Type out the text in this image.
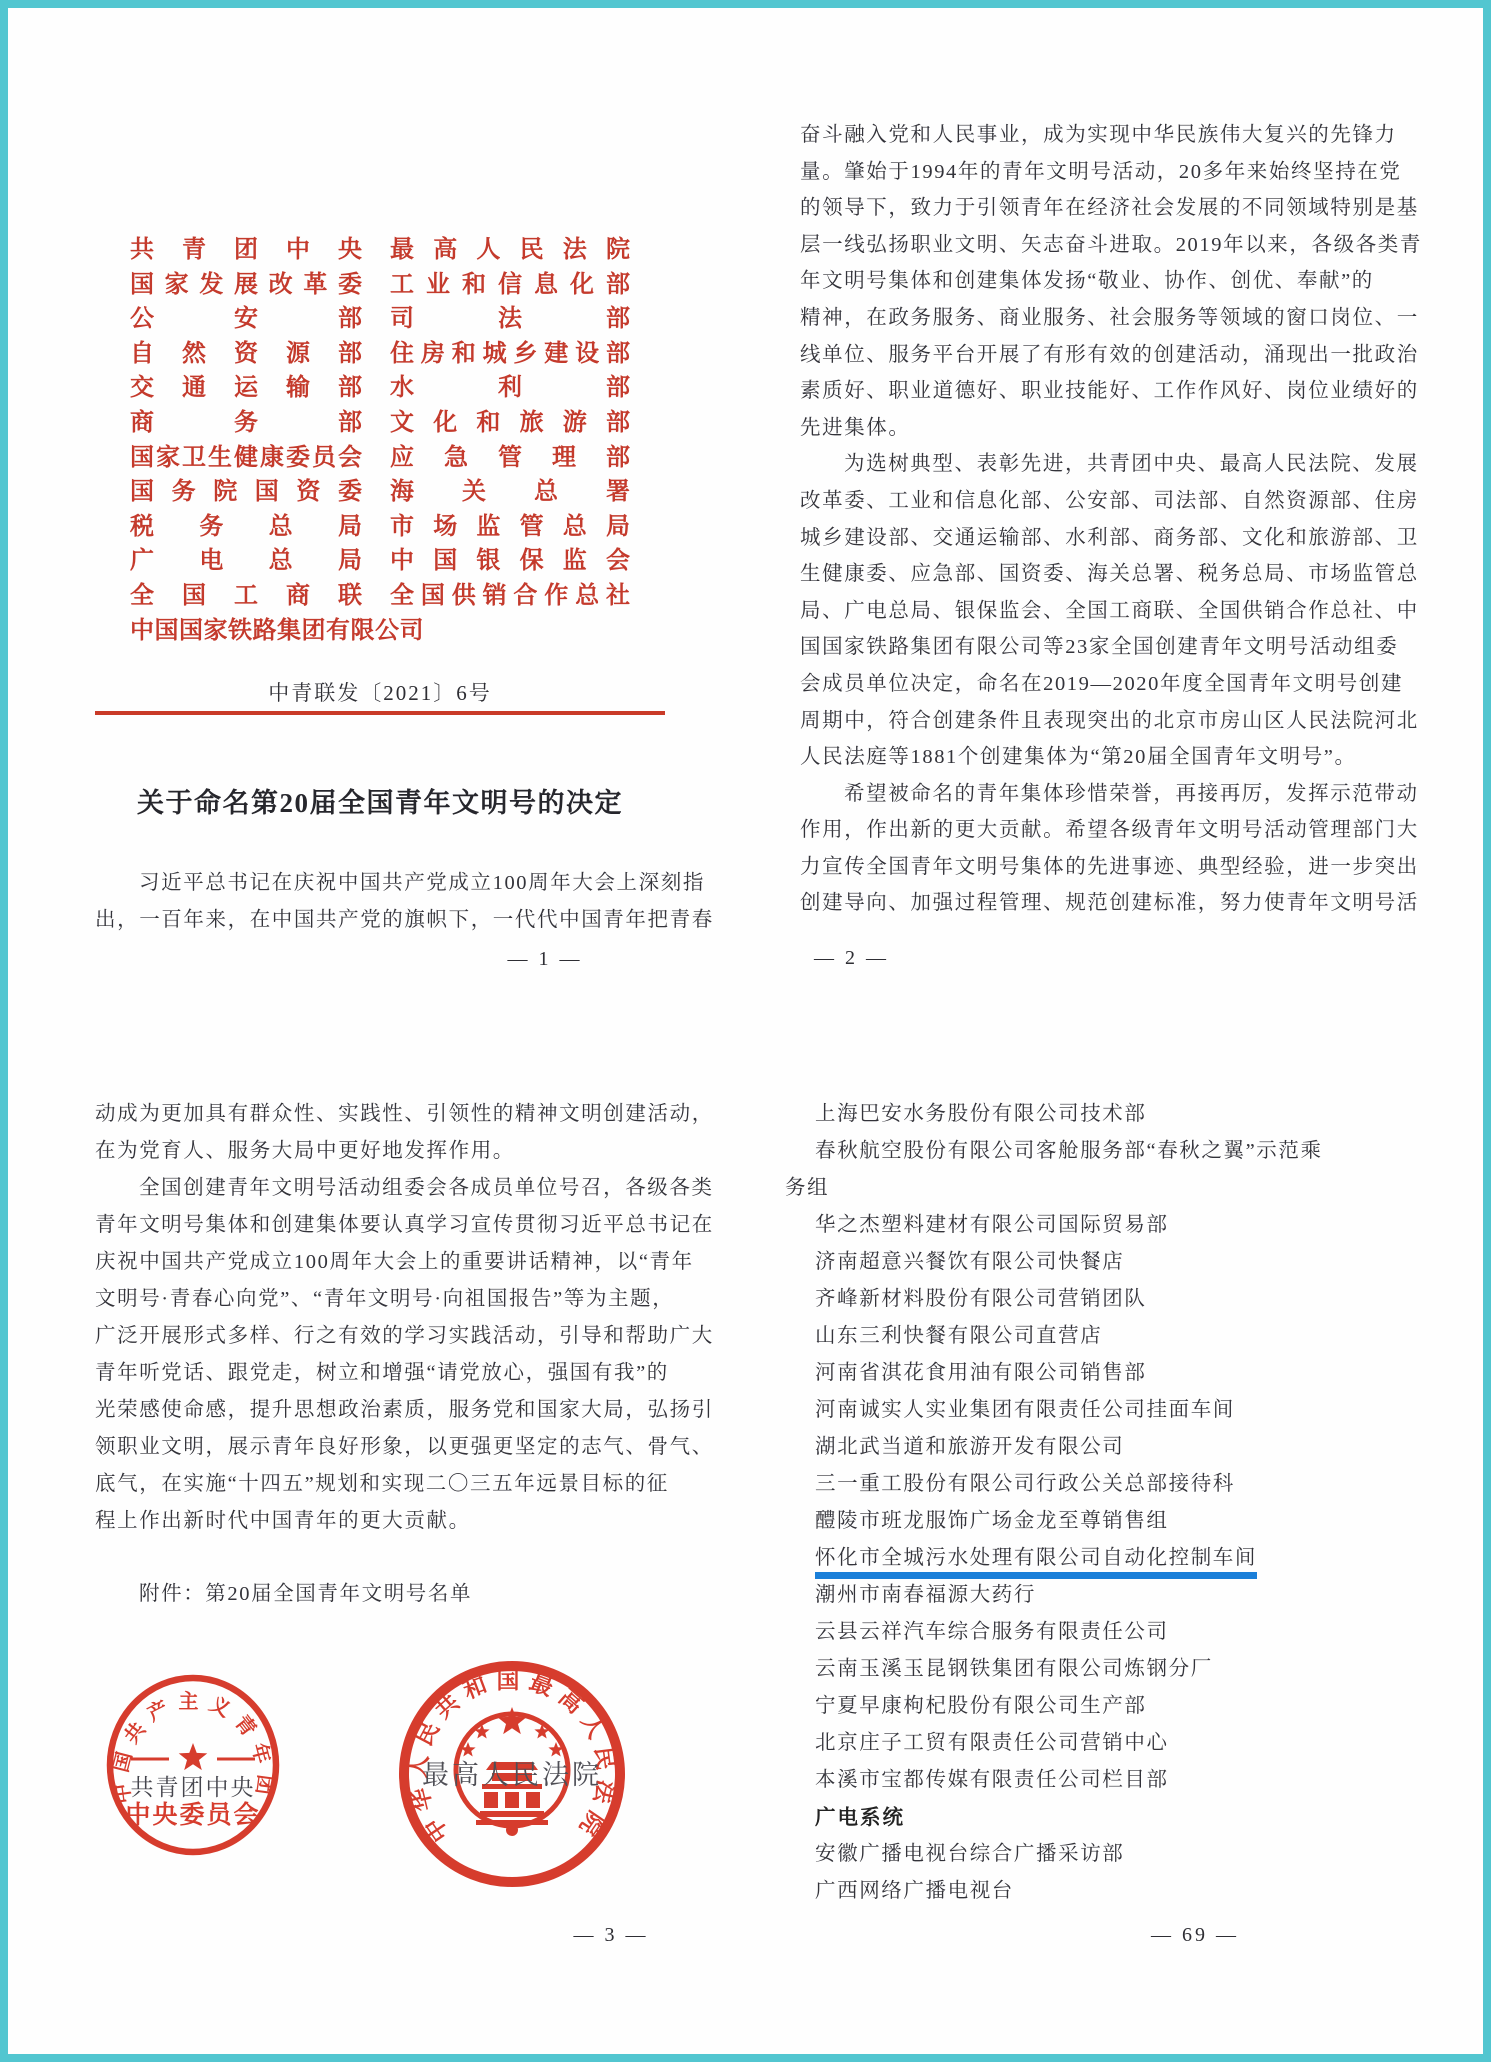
共青团中央 最高人民法院
国家发展改革委 工业和信息化部
公安部 司法部
自然资源部 住房和城乡建设部
交通运输部 水利部
商务部 文化和旅游部
国家卫生健康委员会 应急管理部
国务院国资委 海关总署
税务总局 市场监管总局
广电总局 中国银保监会
全国工商联 全国供销合作总社
中国国家铁路集团有限公司
中青联发〔2021〕6号
关于命名第20届全国青年文明号的决定
习近平总书记在庆祝中国共产党成立100周年大会上深刻指
出，一百年来，在中国共产党的旗帜下，一代代中国青年把青春
— 1 —
奋斗融入党和人民事业，成为实现中华民族伟大复兴的先锋力
量。肇始于1994年的青年文明号活动，20多年来始终坚持在党
的领导下，致力于引领青年在经济社会发展的不同领域特别是基
层一线弘扬职业文明、矢志奋斗进取。2019年以来，各级各类青
年文明号集体和创建集体发扬“敬业、协作、创优、奉献”的
精神，在政务服务、商业服务、社会服务等领域的窗口岗位、一
线单位、服务平台开展了有形有效的创建活动，涌现出一批政治
素质好、职业道德好、职业技能好、工作作风好、岗位业绩好的
先进集体。
为选树典型、表彰先进，共青团中央、最高人民法院、发展
改革委、工业和信息化部、公安部、司法部、自然资源部、住房
城乡建设部、交通运输部、水利部、商务部、文化和旅游部、卫
生健康委、应急部、国资委、海关总署、税务总局、市场监管总
局、广电总局、银保监会、全国工商联、全国供销合作总社、中
国国家铁路集团有限公司等23家全国创建青年文明号活动组委
会成员单位决定，命名在2019—2020年度全国青年文明号创建
周期中，符合创建条件且表现突出的北京市房山区人民法院河北
人民法庭等1881个创建集体为“第20届全国青年文明号”。
希望被命名的青年集体珍惜荣誉，再接再厉，发挥示范带动
作用，作出新的更大贡献。希望各级青年文明号活动管理部门大
力宣传全国青年文明号集体的先进事迹、典型经验，进一步突出
创建导向、加强过程管理、规范创建标准，努力使青年文明号活
— 2 —
动成为更加具有群众性、实践性、引领性的精神文明创建活动，
在为党育人、服务大局中更好地发挥作用。
全国创建青年文明号活动组委会各成员单位号召，各级各类
青年文明号集体和创建集体要认真学习宣传贯彻习近平总书记在
庆祝中国共产党成立100周年大会上的重要讲话精神，以“青年
文明号·青春心向党”、“青年文明号·向祖国报告”等为主题，
广泛开展形式多样、行之有效的学习实践活动，引导和帮助广大
青年听党话、跟党走，树立和增强“请党放心，强国有我”的
光荣感使命感，提升思想政治素质，服务党和国家大局，弘扬引
领职业文明，展示青年良好形象，以更强更坚定的志气、骨气、
底气，在实施“十四五”规划和实现二〇三五年远景目标的征
程上作出新时代中国青年的更大贡献。
附件：第20届全国青年文明号名单
中国共产主义青年团
共青团中央
中央委员会	中华人民共和国最高人民法院
最高人民法院
— 3 —
上海巴安水务股份有限公司技术部
春秋航空股份有限公司客舱服务部“春秋之翼”示范乘
务组
华之杰塑料建材有限公司国际贸易部
济南超意兴餐饮有限公司快餐店
齐峰新材料股份有限公司营销团队
山东三利快餐有限公司直营店
河南省淇花食用油有限公司销售部
河南诚实人实业集团有限责任公司挂面车间
湖北武当道和旅游开发有限公司
三一重工股份有限公司行政公关总部接待科
醴陵市班龙服饰广场金龙至尊销售组
怀化市全城污水处理有限公司自动化控制车间
潮州市南春福源大药行
云县云祥汽车综合服务有限责任公司
云南玉溪玉昆钢铁集团有限公司炼钢分厂
宁夏早康枸杞股份有限公司生产部
北京庄子工贸有限责任公司营销中心
本溪市宝都传媒有限责任公司栏目部
广电系统
安徽广播电视台综合广播采访部
广西网络广播电视台
— 69 —
